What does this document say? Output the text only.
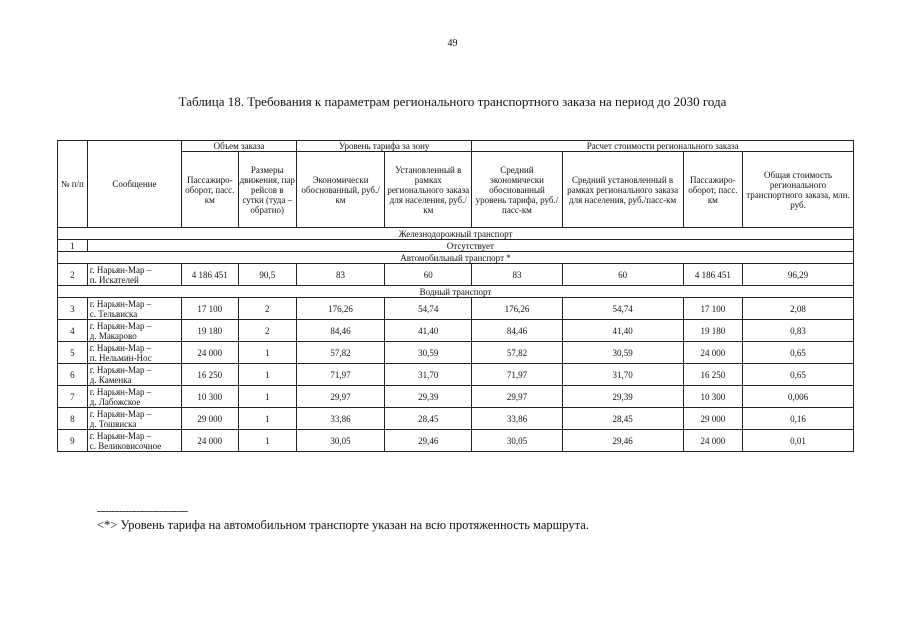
49
Таблица 18. Требования к параметрам регионального транспортного заказа на период до 2030 года
№ п/п	Сообщение	Объем заказа		Уровень тарифа за зону		Расчет стоимости регионального заказа			
		Пассажиро-оборот, пасс. км	Размеры движения, пар рейсов в сутки (туда – обратно)	Экономически обоснованный, руб./км	Установленный в рамках регионального заказа для населения, руб./км	Средний экономически обоснованный уровень тарифа, руб./пасс-км	Средний установленный в рамках регионального заказа для населения, руб./пасс-км	Пассажиро-оборот, пасс. км	Общая стоимость регионального транспортного заказа, млн. руб.
Железнодорожный транспорт									
1	Отсутствует								
Автомобильный транспорт *									
2	г. Нарьян-Мар –
п. Искателей	4 186 451	90,5	83	60	83	60	4 186 451	96,29
Водный транспорт									
3	г. Нарьян-Мар –
с. Тельвиска	17 100	2	176,26	54,74	176,26	54,74	17 100	2,08
4	г. Нарьян-Мар –
д. Макарово	19 180	2	84,46	41,40	84,46	41,40	19 180	0,83
5	г. Нарьян-Мар –
п. Нельмин-Нос	24 000	1	57,82	30,59	57,82	30,59	24 000	0,65
6	г. Нарьян-Мар –
д. Каменка	16 250	1	71,97	31,70	71,97	31,70	16 250	0,65
7	г. Нарьян-Мар –
д. Лабожское	10 300	1	29,97	29,39	29,97	29,39	10 300	0,006
8	г. Нарьян-Мар –
д. Тошвиска	29 000	1	33,86	28,45	33,86	28,45	29 000	0,16
9	г. Нарьян-Мар –
с. Великовисочное	24 000	1	30,05	29,46	30,05	29,46	24 000	0,01
--------------------------------
<*> Уровень тарифа на автомобильном транспорте указан на всю протяженность маршрута.
